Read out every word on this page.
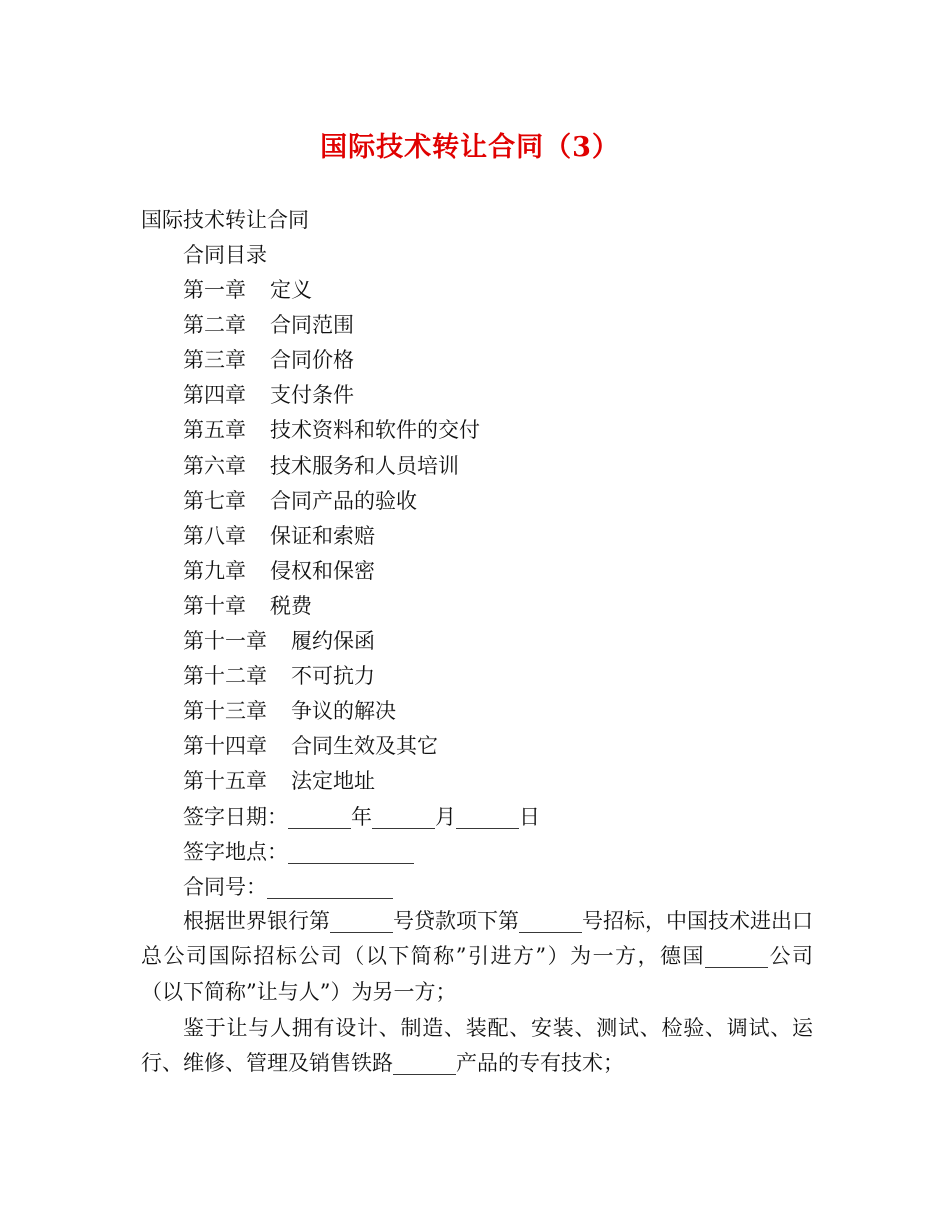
国际技术转让合同（3）
国际技术转让合同
合同目录
第一章 定义
第二章 合同范围
第三章 合同价格
第四章 支付条件
第五章 技术资料和软件的交付
第六章 技术服务和人员培训
第七章 合同产品的验收
第八章 保证和索赔
第九章 侵权和保密
第十章 税费
第十一章 履约保函
第十二章 不可抗力
第十三章 争议的解决
第十四章 合同生效及其它
第十五章 法定地址
签字日期：______年______月______日
签字地点：____________
合同号：____________

根据世界银行第______号贷款项下第______号招标，中国技术进出口总公司国际招标公司（以下简称”引进方”）为一方，德国______公司（以下简称”让与人”）为另一方；

鉴于让与人拥有设计、制造、装配、安装、测试、检验、调试、运行、维修、管理及销售铁路______产品的专有技术；
